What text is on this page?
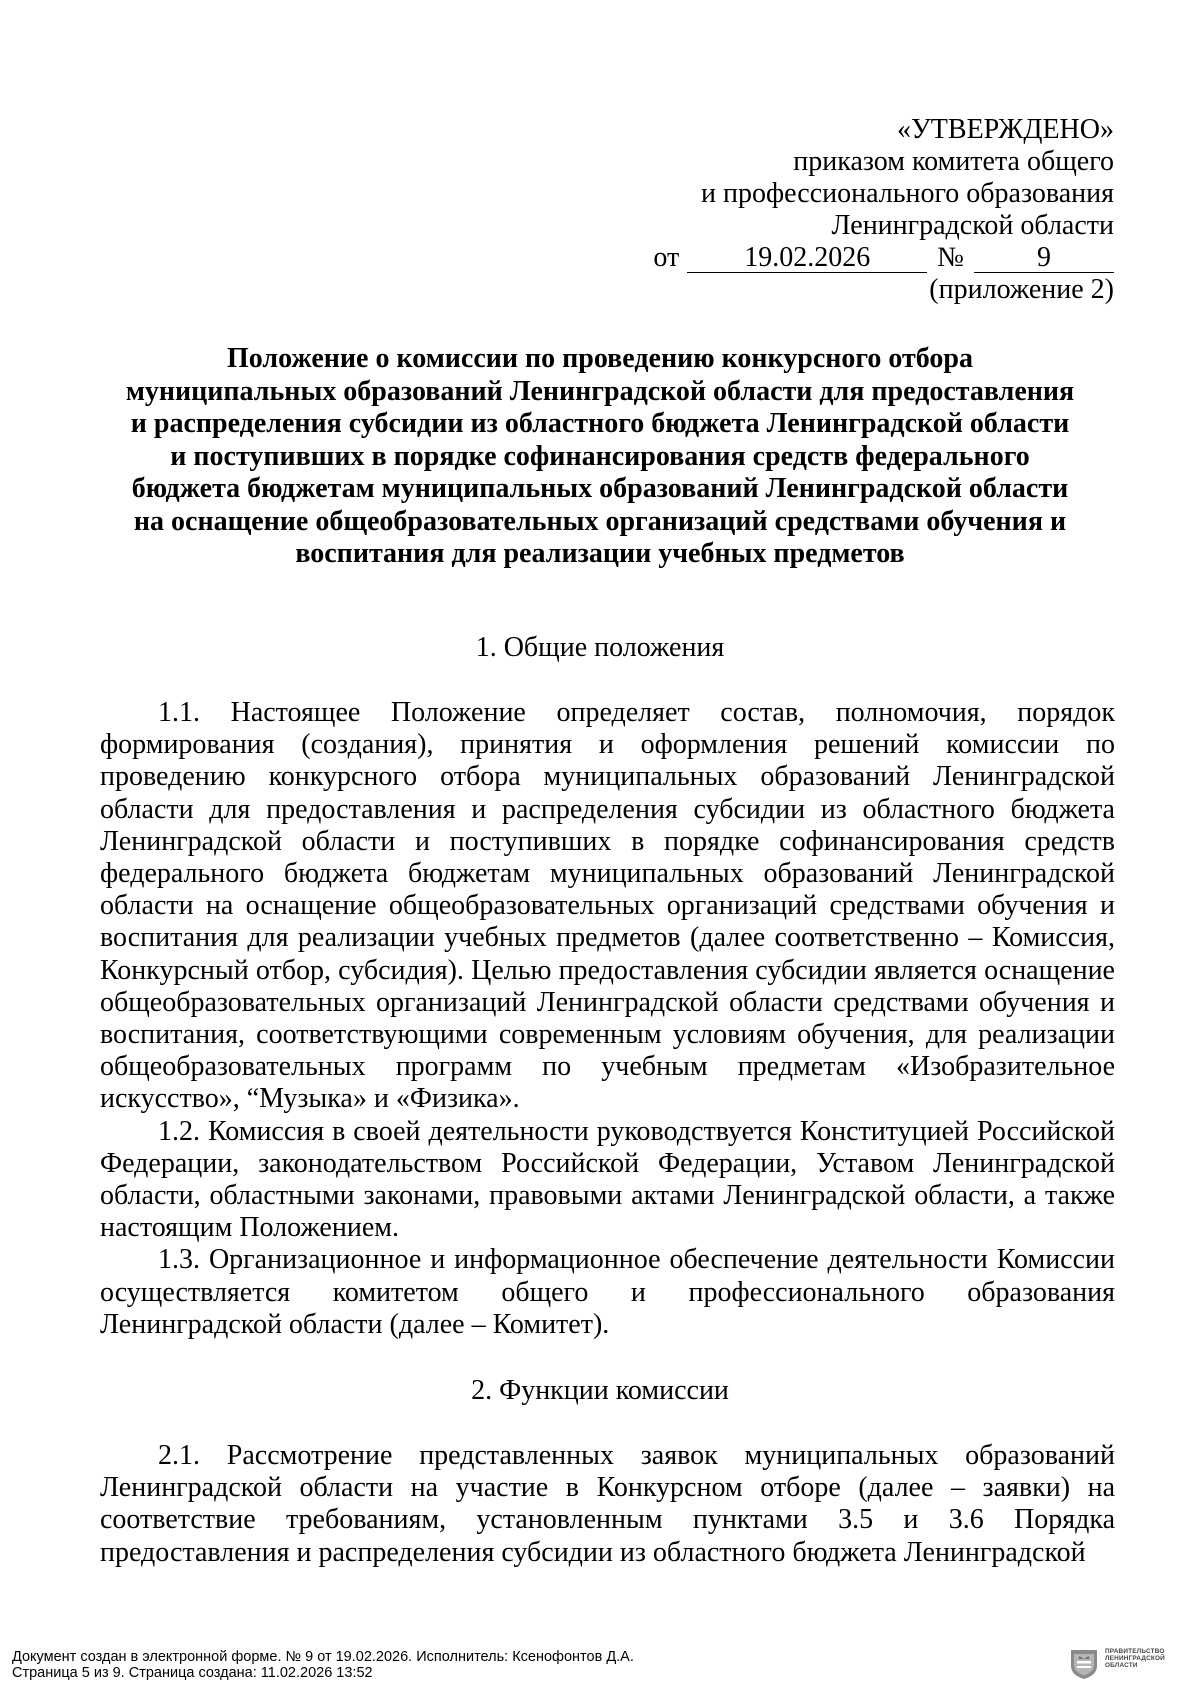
«УТВЕРЖДЕНО»
приказом комитета общего
и профессионального образования
Ленинградской области
от	19.02.2026	№	9
(приложение 2)
Положение о комиссии по проведению конкурсного отбора муниципальных образований Ленинградской области для предоставления и распределения субсидии из областного бюджета Ленинградской области и поступивших в порядке софинансирования средств федерального бюджета бюджетам муниципальных образований Ленинградской области на оснащение общеобразовательных организаций средствами обучения и воспитания для реализации учебных предметов
1. Общие положения

1.1. Настоящее Положение определяет состав, полномочия, порядок формирования (создания), принятия и оформления решений комиссии по проведению конкурсного отбора муниципальных образований Ленинградской области для предоставления и распределения субсидии из областного бюджета Ленинградской области и поступивших в порядке софинансирования средств федерального бюджета бюджетам муниципальных образований Ленинградской области на оснащение общеобразовательных организаций средствами обучения и воспитания для реализации учебных предметов (далее соответственно – Комиссия, Конкурсный отбор, субсидия). Целью предоставления субсидии является оснащение общеобразовательных организаций Ленинградской области средствами обучения и воспитания, соответствующими современным условиям обучения, для реализации общеобразовательных программ по учебным предметам «Изобразительное искусство», “Музыка» и «Физика».

1.2. Комиссия в своей деятельности руководствуется Конституцией Российской Федерации, законодательством Российской Федерации, Уставом Ленинградской области, областными законами, правовыми актами Ленинградской области, а также настоящим Положением.

1.3. Организационное и информационное обеспечение деятельности Комиссии осуществляется комитетом общего и профессионального образования Ленинградской области (далее – Комитет).

2. Функции комиссии

2.1. Рассмотрение представленных заявок муниципальных образований Ленинградской области на участие в Конкурсном отборе (далее – заявки) на соответствие требованиям, установленным пунктами 3.5 и 3.6 Порядка предоставления и распределения субсидии из областного бюджета Ленинградской

Документ создан в электронной форме. № 9 от 19.02.2026. Исполнитель: Ксенофонтов Д.А.
Страница 5 из 9. Страница создана: 11.02.2026 13:52
ПРАВИТЕЛЬСТВО
ЛЕНИНГРАДСКОЙ
ОБЛАСТИ
